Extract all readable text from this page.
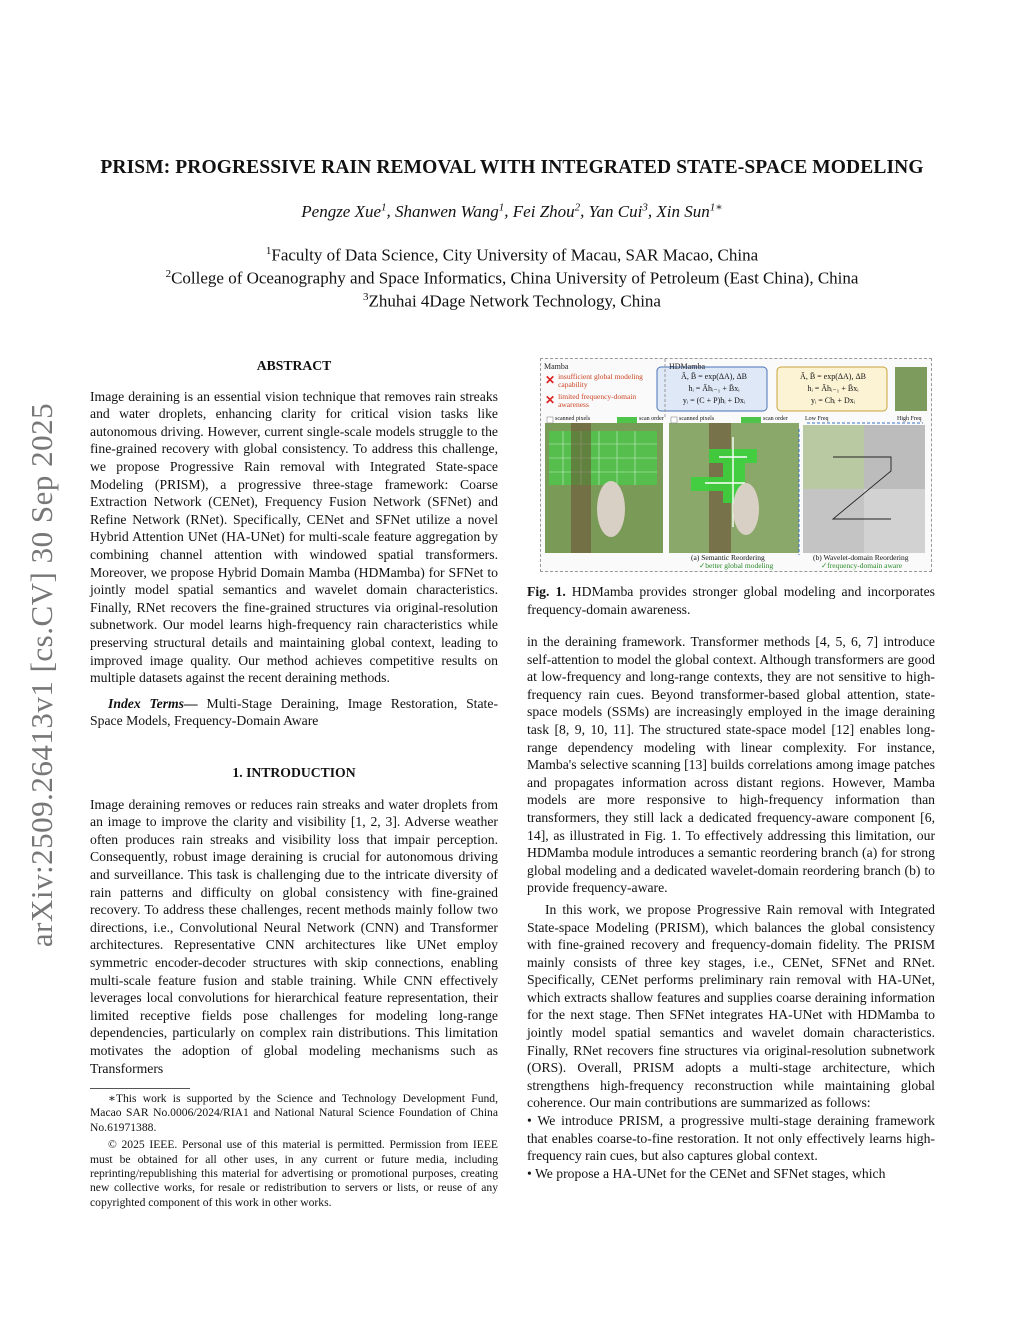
arXiv:2509.26413v1 [cs.CV] 30 Sep 2025
PRISM: PROGRESSIVE RAIN REMOVAL WITH INTEGRATED STATE-SPACE MODELING
Pengze Xue$^1$, Shanwen Wang$^1$, Fei Zhou$^2$, Yan Cui$^3$, Xin Sun$^{1∗}$
$^1$Faculty of Data Science, City University of Macau, SAR Macao, China
$^2$College of Oceanography and Space Informatics, China University of Petroleum (East China), China
$^3$Zhuhai 4Dage Network Technology, China
ABSTRACT

Image deraining is an essential vision technique that removes rain streaks and water droplets, enhancing clarity for critical vision tasks like autonomous driving. However, current single-scale models struggle to the fine-grained recovery with global consistency. To address this challenge, we propose Progressive Rain removal with Integrated State-space Modeling (PRISM), a progressive three-stage framework: Coarse Extraction Network (CENet), Frequency Fusion Network (SFNet) and Refine Network (RNet). Specifically, CENet and SFNet utilize a novel Hybrid Attention UNet (HA-UNet) for multi-scale feature aggregation by combining channel attention with windowed spatial transformers. Moreover, we propose Hybrid Domain Mamba (HDMamba) for SFNet to jointly model spatial semantics and wavelet domain characteristics. Finally, RNet recovers the fine-grained structures via original-resolution subnetwork. Our model learns high-frequency rain characteristics while preserving structural details and maintaining global context, leading to improved image quality. Our method achieves competitive results on multiple datasets against the recent deraining methods.

Index Terms— Multi-Stage Deraining, Image Restoration, State-Space Models, Frequency-Domain Aware

1. INTRODUCTION

Image deraining removes or reduces rain streaks and water droplets from an image to improve the clarity and visibility [1, 2, 3]. Adverse weather often produces rain streaks and visibility loss that impair perception. Consequently, robust image deraining is crucial for autonomous driving and surveillance. This task is challenging due to the intricate diversity of rain patterns and difficulty on global consistency with fine-grained recovery. To address these challenges, recent methods mainly follow two directions, i.e., Convolutional Neural Network (CNN) and Transformer architectures. Representative CNN architectures like UNet employ symmetric encoder-decoder structures with skip connections, enabling multi-scale feature fusion and stable training. While CNN effectively leverages local convolutions for hierarchical feature representation, their limited receptive fields pose challenges for modeling long-range dependencies, particularly on complex rain distributions. This limitation motivates the adoption of global modeling mechanisms such as Transformers

∗This work is supported by the Science and Technology Development Fund, Macao SAR No.0006/2024/RIA1 and National Natural Science Foundation of China No.61971388.

© 2025 IEEE. Personal use of this material is permitted. Permission from IEEE must be obtained for all other uses, in any current or future media, including reprinting/republishing this material for advertising or promotional purposes, creating new collective works, for resale or redistribution to servers or lists, or reuse of any copyrighted component of this work in other works.

Mamba	HDMamba
✕ insufficient global modeling capability
✕ limited frequency-domain awareness
Ā, B̄ = exp(ΔA), ΔB
hᵢ = Āhᵢ₋₁ + B̄xᵢ
yᵢ = (C + P)hᵢ + Dxᵢ
Ā, B̄ = exp(ΔA), ΔB
hᵢ = Āhᵢ₋₁ + B̄xᵢ
yᵢ = Chᵢ + Dxᵢ
scanned pixels	scan order	scanned pixels	scan order	Low Freq	High Freq
(a) Semantic Reordering
✓better global modeling
(b) Wavelet-domain Reordering
✓frequency-domain aware
Fig. 1. HDMamba provides stronger global modeling and incorporates frequency-domain awareness.

in the deraining framework. Transformer methods [4, 5, 6, 7] introduce self-attention to model the global context. Although transformers are good at low-frequency and long-range contexts, they are not sensitive to high-frequency rain cues. Beyond transformer-based global attention, state-space models (SSMs) are increasingly employed in the image deraining task [8, 9, 10, 11]. The structured state-space model [12] enables long-range dependency modeling with linear complexity. For instance, Mamba's selective scanning [13] builds correlations among image patches and propagates information across distant regions. However, Mamba models are more responsive to high-frequency information than transformers, they still lack a dedicated frequency-aware component [6, 14], as illustrated in Fig. 1. To effectively addressing this limitation, our HDMamba module introduces a semantic reordering branch (a) for strong global modeling and a dedicated wavelet-domain reordering branch (b) to provide frequency-aware.

In this work, we propose Progressive Rain removal with Integrated State-space Modeling (PRISM), which balances the global consistency with fine-grained recovery and frequency-domain fidelity. The PRISM mainly consists of three key stages, i.e., CENet, SFNet and RNet. Specifically, CENet performs preliminary rain removal with HA-UNet, which extracts shallow features and supplies coarse deraining information for the next stage. Then SFNet integrates HA-UNet with HDMamba to jointly model spatial semantics and wavelet domain characteristics. Finally, RNet recovers fine structures via original-resolution subnetwork (ORS). Overall, PRISM adopts a multi-stage architecture, which strengthens high-frequency reconstruction while maintaining global coherence. Our main contributions are summarized as follows:

• We introduce PRISM, a progressive multi-stage deraining framework that enables coarse-to-fine restoration. It not only effectively learns high-frequency rain cues, but also captures global context.

• We propose a HA-UNet for the CENet and SFNet stages, which
